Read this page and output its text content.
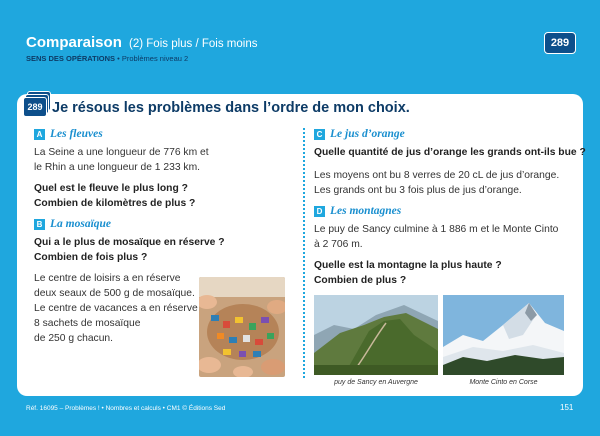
Comparaison (2) Fois plus / Fois moins
SENS DES OPÉRATIONS • Problèmes niveau 2
289
289 Je résous les problèmes dans l’ordre de mon choix.
A Les fleuves

La Seine a une longueur de 776 km et

le Rhin a une longueur de 1 233 km.

Quel est le fleuve le plus long ?

Combien de kilomètres de plus ?

B La mosaïque

Qui a le plus de mosaïque en réserve ?

Combien de fois plus ?

Le centre de loisirs a en réserve

deux seaux de 500 g de mosaïque.

Le centre de vacances a en réserve

8 sachets de mosaïque

de 250 g chacun.

C Le jus d’orange

Quelle quantité de jus d’orange les grands ont-ils bue ?

Les moyens ont bu 8 verres de 20 cL de jus d’orange.

Les grands ont bu 3 fois plus de jus d’orange.

D Les montagnes

Le puy de Sancy culmine à 1 886 m et le Monte Cinto

à 2 706 m.

Quelle est la montagne la plus haute ?

Combien de plus ?

puy de Sancy en Auvergne	Monte Cinto en Corse
Réf. 16095 – Problèmes ! • Nombres et calculs • CM1 © Éditions Sed	151
